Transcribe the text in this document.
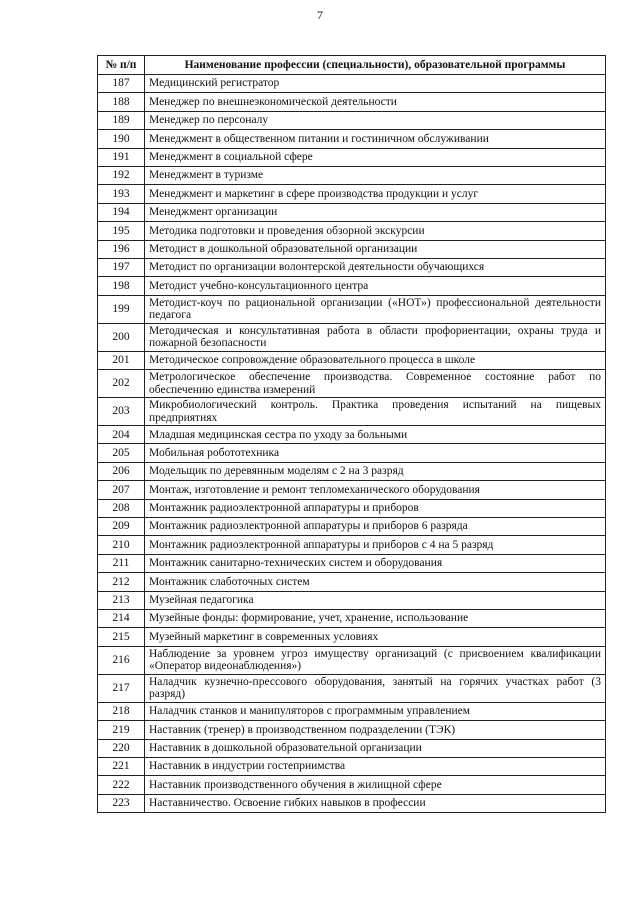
7
№ п/п	Наименование профессии (специальности), образовательной программы
187	Медицинский регистратор
188	Менеджер по внешнеэкономической деятельности
189	Менеджер по персоналу
190	Менеджмент в общественном питании и гостиничном обслуживании
191	Менеджмент в социальной сфере
192	Менеджмент в туризме
193	Менеджмент и маркетинг в сфере производства продукции и услуг
194	Менеджмент организации
195	Методика подготовки и проведения обзорной экскурсии
196	Методист в дошкольной образовательной организации
197	Методист по организации волонтерской деятельности обучающихся
198	Методист учебно-консультационного центра
199	Методист-коуч по рациональной организации («НОТ») профессиональной деятельности педагога
200	Методическая и консультативная работа в области профориентации, охраны труда и пожарной безопасности
201	Методическое сопровождение образовательного процесса в школе
202	Метрологическое обеспечение производства. Современное состояние работ по обеспечению единства измерений
203	Микробиологический контроль. Практика проведения испытаний на пищевых предприятиях
204	Младшая медицинская сестра по уходу за больными
205	Мобильная робототехника
206	Модельщик по деревянным моделям с 2 на 3 разряд
207	Монтаж, изготовление и ремонт тепломеханического оборудования
208	Монтажник радиоэлектронной аппаратуры и приборов
209	Монтажник радиоэлектронной аппаратуры и приборов 6 разряда
210	Монтажник радиоэлектронной аппаратуры и приборов с 4 на 5 разряд
211	Монтажник санитарно-технических систем и оборудования
212	Монтажник слаботочных систем
213	Музейная педагогика
214	Музейные фонды: формирование, учет, хранение, использование
215	Музейный маркетинг в современных условиях
216	Наблюдение за уровнем угроз имуществу организаций (с присвоением квалификации «Оператор видеонаблюдения»)
217	Наладчик кузнечно-прессового оборудования, занятый на горячих участках работ (3 разряд)
218	Наладчик станков и манипуляторов с программным управлением
219	Наставник (тренер) в производственном подразделении (ТЭК)
220	Наставник в дошкольной образовательной организации
221	Наставник в индустрии гостеприимства
222	Наставник производственного обучения в жилищной сфере
223	Наставничество. Освоение гибких навыков в профессии
